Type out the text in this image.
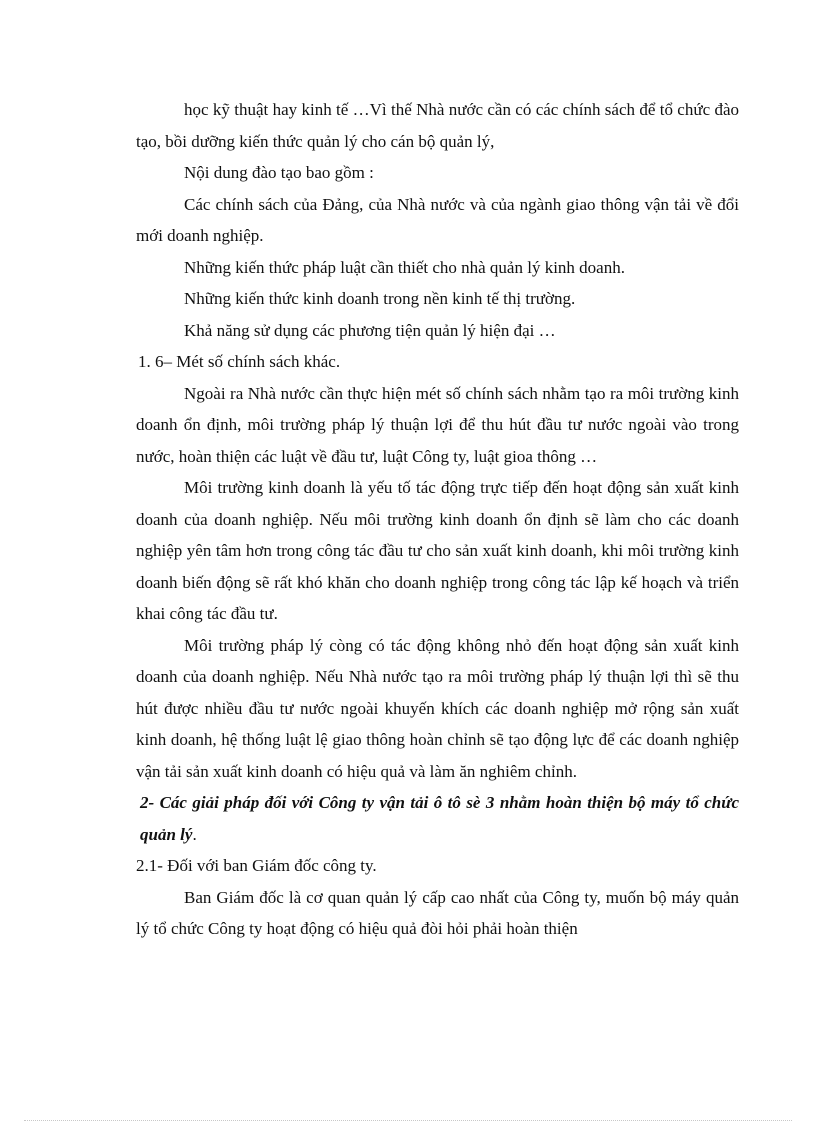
học kỹ thuật hay kinh tế …Vì thế Nhà nước cần có các chính sách để tổ chức đào tạo, bồi dưỡng kiến thức quản lý cho cán bộ quản lý,

Nội dung đào tạo bao gồm :

Các chính sách của Đảng, của Nhà nước và của ngành giao thông vận tải về đổi mới doanh nghiệp.

Những kiến thức pháp luật cần thiết cho nhà quản lý kinh doanh.

Những kiến thức kinh doanh trong nền kinh tế thị trường.

Khả năng sử dụng các phương tiện quản lý hiện đại …

1. 6– Mét số chính sách khác.

Ngoài ra Nhà nước cần thực hiện mét số chính sách nhằm tạo ra môi trường kinh doanh ổn định, môi trường pháp lý thuận lợi để thu hút đầu tư nước ngoài vào trong nước, hoàn thiện các luật về đầu tư, luật Công ty, luật gioa thông …

Môi trường kinh doanh là yếu tố tác động trực tiếp đến hoạt động sản xuất kinh doanh của doanh nghiệp. Nếu môi trường kinh doanh ổn định sẽ làm cho các doanh nghiệp yên tâm hơn trong công tác đầu tư cho sản xuất kinh doanh, khi môi trường kinh doanh biến động sẽ rất khó khăn cho doanh nghiệp trong công tác lập kế hoạch và triển khai công tác đầu tư.

Môi trường pháp lý còng có tác động không nhỏ đến hoạt động sản xuất kinh doanh của doanh nghiệp. Nếu Nhà nước tạo ra môi trường pháp lý thuận lợi thì sẽ thu hút được nhiều đầu tư nước ngoài khuyến khích các doanh nghiệp mở rộng sản xuất kinh doanh, hệ thống luật lệ giao thông hoàn chỉnh sẽ tạo động lực để các doanh nghiệp vận tải sản xuất kinh doanh có hiệu quả và làm ăn nghiêm chỉnh.

2- Các giải pháp đối với Công ty vận tải ô tô sè 3 nhằm hoàn thiện bộ máy tổ chức quản lý.

2.1- Đối với ban Giám đốc công ty.

Ban Giám đốc là cơ quan quản lý cấp cao nhất của Công ty, muốn bộ máy quản lý tổ chức Công ty hoạt động có hiệu quả đòi hỏi phải hoàn thiện
